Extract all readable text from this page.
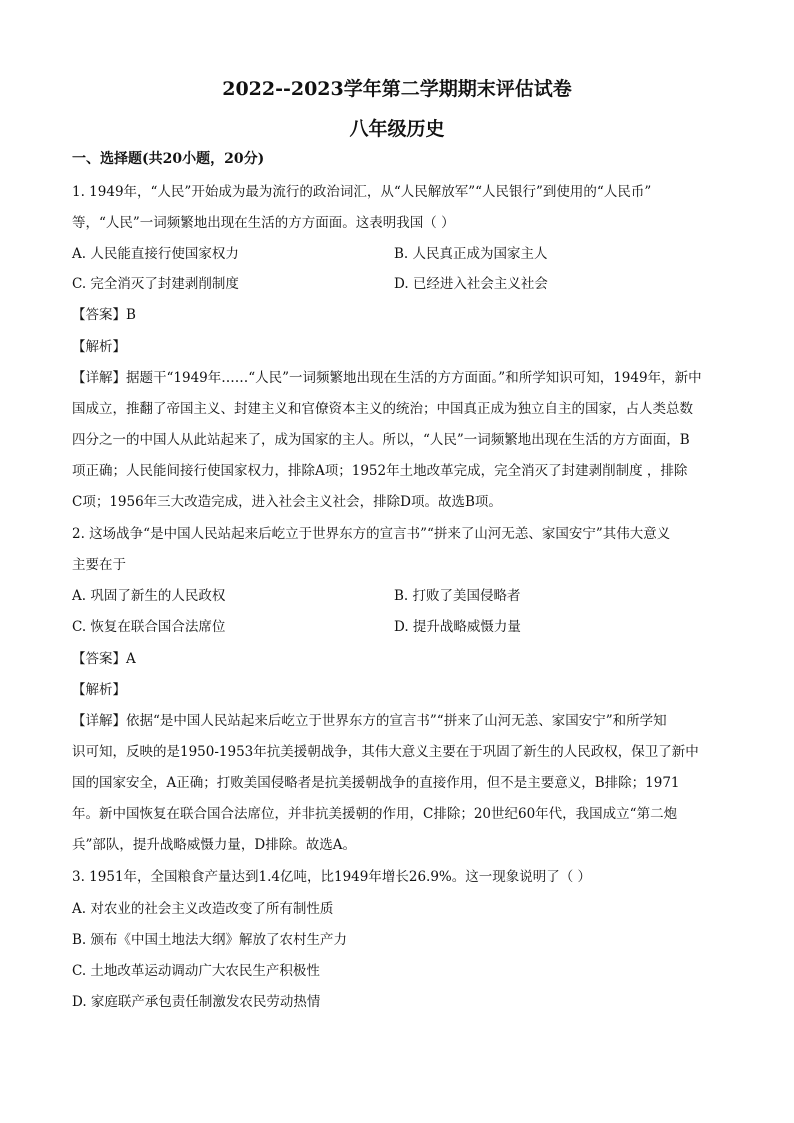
2022--2023学年第二学期期末评估试卷
八年级历史
一、选择题(共20小题，20分)
1. 1949年，“人民”开始成为最为流行的政治词汇，从“人民解放军”“人民银行”到使用的“人民币”
等，“人民”一词频繁地出现在生活的方方面面。这表明我国（ ）
A. 人民能直接行使国家权力	B. 人民真正成为国家主人
C. 完全消灭了封建剥削制度	D. 已经进入社会主义社会
【答案】B
【解析】
【详解】据题干“1949年……“人民”一词频繁地出现在生活的方方面面。”和所学知识可知，1949年，新中
国成立，推翻了帝国主义、封建主义和官僚资本主义的统治；中国真正成为独立自主的国家，占人类总数
四分之一的中国人从此站起来了，成为国家的主人。所以，“人民”一词频繁地出现在生活的方方面面，B
项正确；人民能间接行使国家权力，排除A项；1952年土地改革完成，完全消灭了封建剥削制度 ，排除
C项；1956年三大改造完成，进入社会主义社会，排除D项。故选B项。
2. 这场战争“是中国人民站起来后屹立于世界东方的宣言书”“拼来了山河无恙、家国安宁”其伟大意义
主要在于
A. 巩固了新生的人民政权	B. 打败了美国侵略者
C. 恢复在联合国合法席位	D. 提升战略威慑力量
【答案】A
【解析】
【详解】依据“是中国人民站起来后屹立于世界东方的宣言书”“拼来了山河无恙、家国安宁”和所学知
识可知，反映的是1950-1953年抗美援朝战争，其伟大意义主要在于巩固了新生的人民政权，保卫了新中
国的国家安全，A正确；打败美国侵略者是抗美援朝战争的直接作用，但不是主要意义，B排除；1971
年。新中国恢复在联合国合法席位，并非抗美援朝的作用，C排除；20世纪60年代，我国成立“第二炮
兵”部队，提升战略威慑力量，D排除。故选A。
3. 1951年，全国粮食产量达到1.4亿吨，比1949年增长26.9%。这一现象说明了（ ）
A. 对农业的社会主义改造改变了所有制性质
B. 颁布《中国土地法大纲》解放了农村生产力
C. 土地改革运动调动广大农民生产积极性
D. 家庭联产承包责任制激发农民劳动热情
